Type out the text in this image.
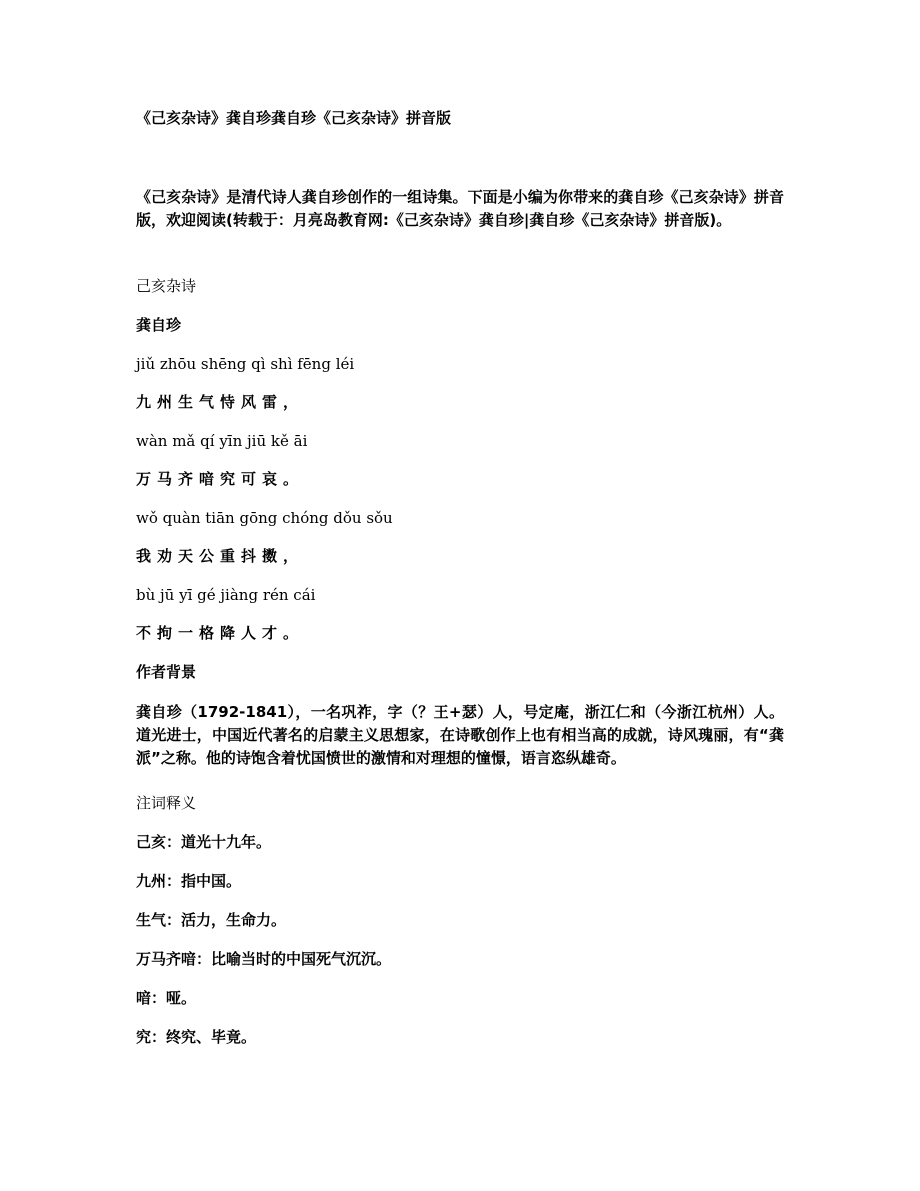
《己亥杂诗》龚自珍龚自珍《己亥杂诗》拼音版
《己亥杂诗》是清代诗人龚自珍创作的一组诗集。下面是小编为你带来的龚自珍《己亥杂诗》拼音版，欢迎阅读(转载于：月亮岛教育网:《己亥杂诗》龚自珍|龚自珍《己亥杂诗》拼音版)。
己亥杂诗
龚自珍
jiǔ zhōu shēng qì shì fēng léi
九州生气恃风雷，
wàn mǎ qí yīn jiū kě āi
万马齐喑究可哀。
wǒ quàn tiān gōng chóng dǒu sǒu
我劝天公重抖擞，
bù jū yī gé jiàng rén cái
不拘一格降人才。
作者背景
龚自珍（1792-1841），一名巩祚，字（？王+瑟）人，号定庵，浙江仁和（今浙江杭州）人。道光进士，中国近代著名的启蒙主义思想家，在诗歌创作上也有相当高的成就，诗风瑰丽，有“龚派”之称。他的诗饱含着忧国愤世的激情和对理想的憧憬，语言恣纵雄奇。
注词释义
己亥：道光十九年。
九州：指中国。
生气：活力，生命力。
万马齐喑：比喻当时的中国死气沉沉。
喑：哑。
究：终究、毕竟。
